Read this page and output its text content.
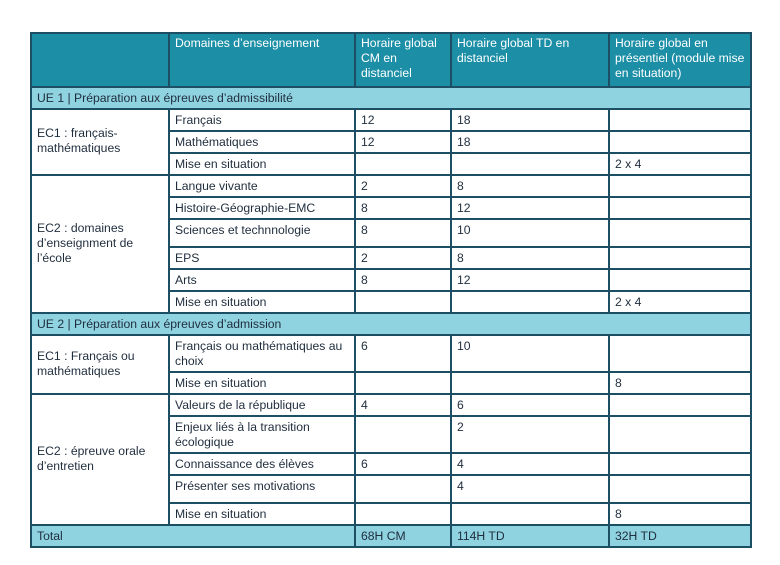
	Domaines d’enseignement	Horaire global CM en distanciel	Horaire global TD en distanciel	Horaire global en présentiel (module mise en situation)
UE 1 | Préparation aux épreuves d’admissibilité				
EC1 : français-mathématiques	Français	12	18	
	Mathématiques	12	18	
	Mise en situation			2 x 4
EC2 : domaines d’enseignment de l’école	Langue vivante	2	8	
	Histoire-Géographie-EMC	8	12	
	Sciences et technnologie	8	10	
	EPS	2	8	
	Arts	8	12	
	Mise en situation			2 x 4
UE 2 | Préparation aux épreuves d’admission				
EC1 : Français ou mathématiques	Français ou mathématiques au choix	6	10	
	Mise en situation			8
EC2 : épreuve orale d’entretien	Valeurs de la république	4	6	
	Enjeux liés à la transition écologique		2	
	Connaissance des élèves	6	4	
	Présenter ses motivations		4	
	Mise en situation			8
Total		68H CM	114H TD	32H TD
